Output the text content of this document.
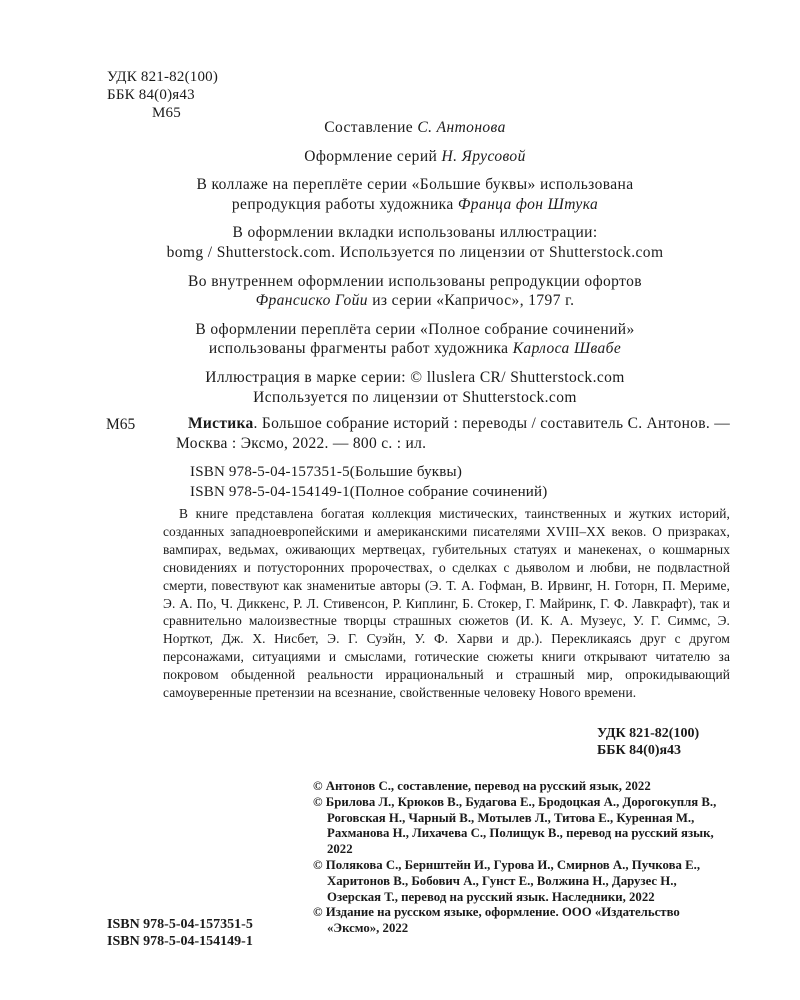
УДК 821-82(100)
ББК 84(0)я43
М65

Составление С. Антонова

Оформление серий Н. Ярусовой

В коллаже на переплёте серии «Большие буквы» использована

репродукция работы художника Франца фон Штука

В оформлении вкладки использованы иллюстрации:

bomg / Shutterstock.com. Используется по лицензии от Shutterstock.com

Во внутреннем оформлении использованы репродукции офортов

Франсиско Гойи из серии «Капричос», 1797 г.

В оформлении переплёта серии «Полное собрание сочинений»

использованы фрагменты работ художника Карлоса Швабе

Иллюстрация в марке серии: © lluslera CR/ Shutterstock.com

Используется по лицензии от Shutterstock.com

М65	Мистика. Большое собрание историй : переводы / составитель С. Антонов. — Москва : Эксмо, 2022. — 800 с. : ил.
ISBN 978-5-04-157351-5(Большие буквы)
ISBN 978-5-04-154149-1(Полное собрание сочинений)

В книге представлена богатая коллекция мистических, таинственных и жутких историй, созданных западноевропейскими и американскими писателями XVIII–XX веков. О призраках, вампирах, ведьмах, оживающих мертвецах, губительных статуях и манекенах, о кошмарных сновидениях и потусторонних пророчествах, о сделках с дьяволом и любви, не подвластной смерти, повествуют как знаменитые авторы (Э. Т. А. Гофман, В. Ирвинг, Н. Готорн, П. Мериме, Э. А. По, Ч. Диккенс, Р. Л. Стивенсон, Р. Киплинг, Б. Стокер, Г. Майринк, Г. Ф. Лавкрафт), так и сравнительно малоизвестные творцы страшных сюжетов (И. К. А. Музеус, У. Г. Симмс, Э. Норткот, Дж. Х. Нисбет, Э. Г. Суэйн, У. Ф. Харви и др.). Перекликаясь друг с другом персонажами, ситуациями и смыслами, готические сюжеты книги открывают читателю за покровом обыденной реальности иррациональный и страшный мир, опрокидывающий самоуверенные претензии на всезнание, свойственные человеку Нового времени.

УДК 821-82(100)
ББК 84(0)я43
© Антонов С., составление, перевод на русский язык, 2022
© Брилова Л., Крюков В., Будагова Е., Бродоцкая А., Дорогокупля В., Роговская Н., Чарный В., Мотылев Л., Титова Е., Куренная М., Рахманова Н., Лихачева С., Полищук В., перевод на русский язык, 2022
© Полякова С., Бернштейн И., Гурова И., Смирнов А., Пучкова Е., Харитонов В., Бобович А., Гунст Е., Волжина Н., Дарузес Н., Озерская Т., перевод на русский язык. Наследники, 2022
© Издание на русском языке, оформление. ООО «Издательство «Эксмо», 2022
ISBN 978-5-04-157351-5
ISBN 978-5-04-154149-1
